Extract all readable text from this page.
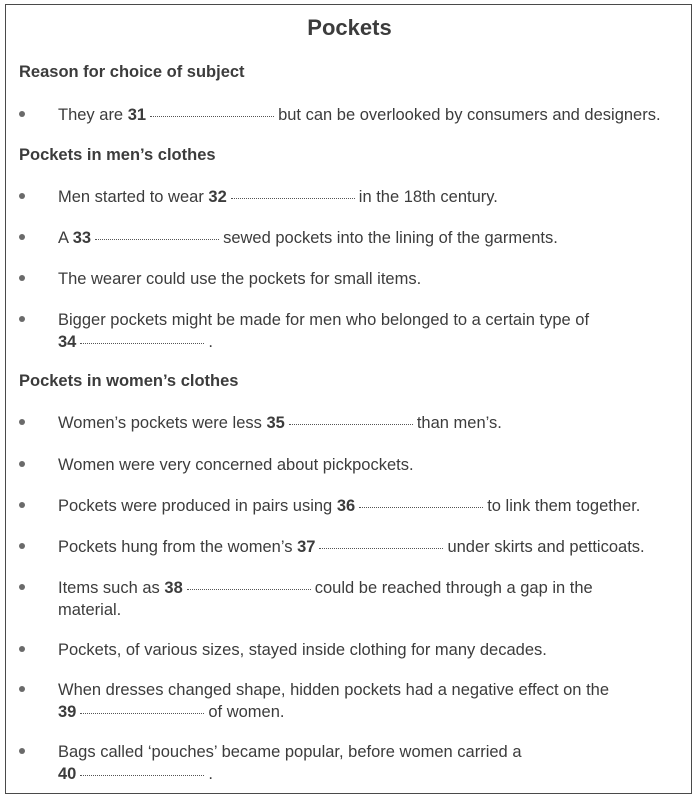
Pockets
Reason for choice of subject
They are 31	but can be overlooked by consumers and designers.
Pockets in men’s clothes
Men started to wear 32	in the 18th century.
A 33	sewed pockets into the lining of the garments.
The wearer could use the pockets for small items.
Bigger pockets might be made for men who belonged to a certain type of
34	.
Pockets in women’s clothes
Women’s pockets were less 35	than men’s.
Women were very concerned about pickpockets.
Pockets were produced in pairs using 36	to link them together.
Pockets hung from the women’s 37	under skirts and petticoats.
Items such as 38	could be reached through a gap in the
material.
Pockets, of various sizes, stayed inside clothing for many decades.
When dresses changed shape, hidden pockets had a negative effect on the
39	of women.
Bags called ‘pouches’ became popular, before women carried a
40	.
